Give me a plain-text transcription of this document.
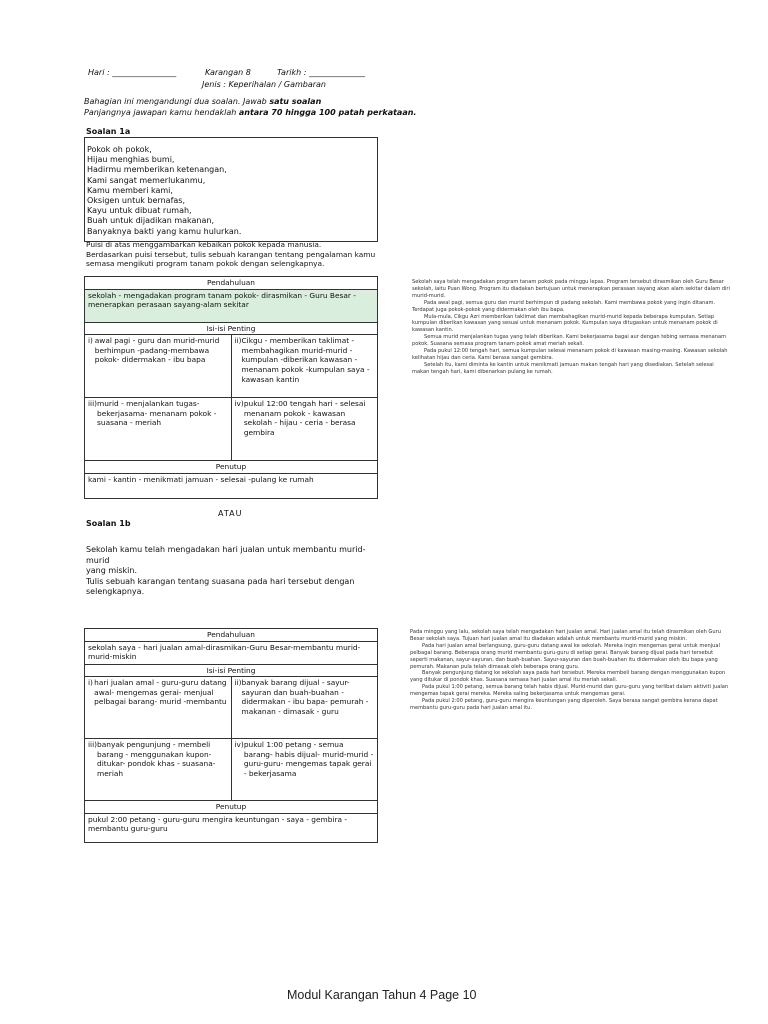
Hari : ________________	Karangan 8	Tarikh : ______________
Jenis : Keperihalan / Gambaran
Bahagian ini mengandungi dua soalan. Jawab satu soalan
Panjangnya jawapan kamu hendaklah antara 70 hingga 100 patah perkataan.
Soalan 1a
Pokok oh pokok,
Hijau menghias bumi,
Hadirmu memberikan ketenangan,
Kami sangat memerlukanmu,
Kamu memberi kami,
Oksigen untuk bernafas,
Kayu untuk dibuat rumah,
Buah untuk dijadikan makanan,
Banyaknya bakti yang kamu hulurkan.
Puisi di atas menggambarkan kebaikan pokok kepada manusia.
Berdasarkan puisi tersebut, tulis sebuah karangan tentang pengalaman kamu
semasa mengikuti program tanam pokok dengan selengkapnya.
Pendahuluan	
sekolah - mengadakan program tanam pokok- dirasmikan - Guru Besar - menerapkan perasaan sayang-alam sekitar	
Isi-isi Penting	

i) awal pagi - guru dan murid-murid berhimpun -padang-membawa pokok- didermakan - ibu bapa	ii) Cikgu - memberikan taklimat - membahagikan murid-murid - kumpulan -diberikan kawasan - menanam pokok -kumpulan saya - kawasan kantin

iii) murid - menjalankan tugas-bekerjasama- menanam pokok - suasana - meriah	iv) pukul 12:00 tengah hari - selesai menanam pokok - kawasan sekolah - hijau - ceria - berasa gembira

Penutup	
kami - kantin - menikmati jamuan - selesai -pulang ke rumah	

Sekolah saya telah mengadakan program tanam pokok pada minggu lepas. Program tersebut dirasmikan oleh Guru Besar sekolah, iaitu Puan Wong. Program itu diadakan bertujuan untuk menerapkan perasaan sayang akan alam sekitar dalam diri murid-murid.

Pada awal pagi, semua guru dan murid berhimpun di padang sekolah. Kami membawa pokok yang ingin ditanam. Terdapat juga pokok-pokok yang didermakan oleh ibu bapa.

Mula-mula, Cikgu Azri memberikan taklimat dan membahagikan murid-murid kepada beberapa kumpulan. Setiap kumpulan diberikan kawasan yang sesuai untuk menanam pokok. Kumpulan saya ditugaskan untuk menanam pokok di kawasan kantin.

Semua murid menjalankan tugas yang telah diberikan. Kami bekerjasama bagai aur dengan tebing semasa menanam pokok. Suasana semasa program tanam pokok amat meriah sekali.

Pada pukul 12:00 tengah hari, semua kumpulan selesai menanam pokok di kawasan masing-masing. Kawasan sekolah kelihatan hijau dan ceria. Kami berasa sangat gembira.

Setelah itu, kami diminta ke kantin untuk menikmati jamuan makan tengah hari yang disediakan. Setelah selesai makan tengah hari, kami dibenarkan pulang ke rumah.

ATAU
Soalan 1b
Sekolah kamu telah mengadakan hari jualan untuk membantu murid-murid
yang miskin.
Tulis sebuah karangan tentang suasana pada hari tersebut dengan
selengkapnya.
Pendahuluan	
sekolah saya - hari jualan amal-dirasmikan-Guru Besar-membantu murid-murid-miskin	
Isi-isi Penting	

i) hari jualan amal - guru-guru datang awal- mengemas gerai- menjual pelbagai barang- murid -membantu	ii) banyak barang dijual - sayur-sayuran dan buah-buahan - didermakan - ibu bapa- pemurah - makanan - dimasak - guru

iii) banyak pengunjung - membeli barang - menggunakan kupon- ditukar- pondok khas - suasana-meriah	iv) pukul 1:00 petang - semua barang- habis dijual- murid-murid - guru-guru- mengemas tapak gerai - bekerjasama

Penutup	
pukul 2:00 petang - guru-guru mengira keuntungan - saya - gembira - membantu guru-guru	

Pada minggu yang lalu, sekolah saya telah mengadakan hari jualan amal. Hari jualan amal itu telah dirasmikan oleh Guru Besar sekolah saya. Tujuan hari jualan amal itu diadakan adalah untuk membantu murid-murid yang miskin.

Pada hari jualan amal berlangsung, guru-guru datang awal ke sekolah. Mereka ingin mengemas gerai untuk menjual pelbagai barang. Beberapa orang murid membantu guru-guru di setiap gerai. Banyak barang dijual pada hari tersebut seperti makanan, sayur-sayuran, dan buah-buahan. Sayur-sayuran dan buah-buahan itu didermakan oleh ibu bapa yang pemurah. Makanan pula telah dimasak oleh beberapa orang guru.

Banyak pengunjung datang ke sekolah saya pada hari tersebut. Mereka membeli barang dengan menggunakan kupon yang ditukar di pondok khas. Suasana semasa hari jualan amal itu meriah sekali.

Pada pukul 1:00 petang, semua barang telah habis dijual. Murid-murid dan guru-guru yang terlibat dalam aktiviti jualan mengemas tapak gerai mereka. Mereka saling bekerjasama untuk mengemas gerai.

Pada pukul 2:00 petang, guru-guru mengira keuntungan yang diperoleh. Saya berasa sangat gembira kerana dapat membantu guru-guru pada hari jualan amal itu.

Modul Karangan Tahun 4 Page 10
